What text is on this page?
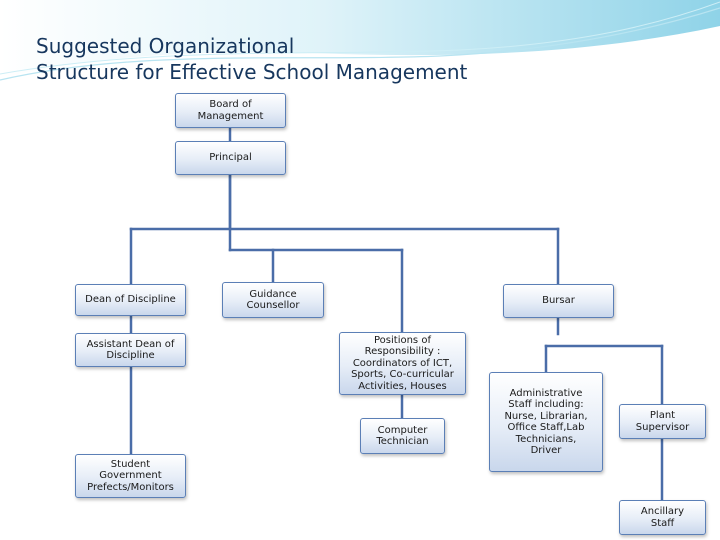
Suggested Organizational
Structure for Effective School Management
Board of
Management
Principal
Dean of Discipline
Assistant Dean of
Discipline
Student
Government
Prefects/Monitors
Guidance
Counsellor
Positions of
Responsibility :
Coordinators of ICT,
Sports, Co-curricular
Activities, Houses
Computer
Technician
Bursar
Administrative
Staff including:
Nurse, Librarian,
Office Staff,Lab
Technicians,
Driver
Plant
Supervisor
Ancillary
Staff
